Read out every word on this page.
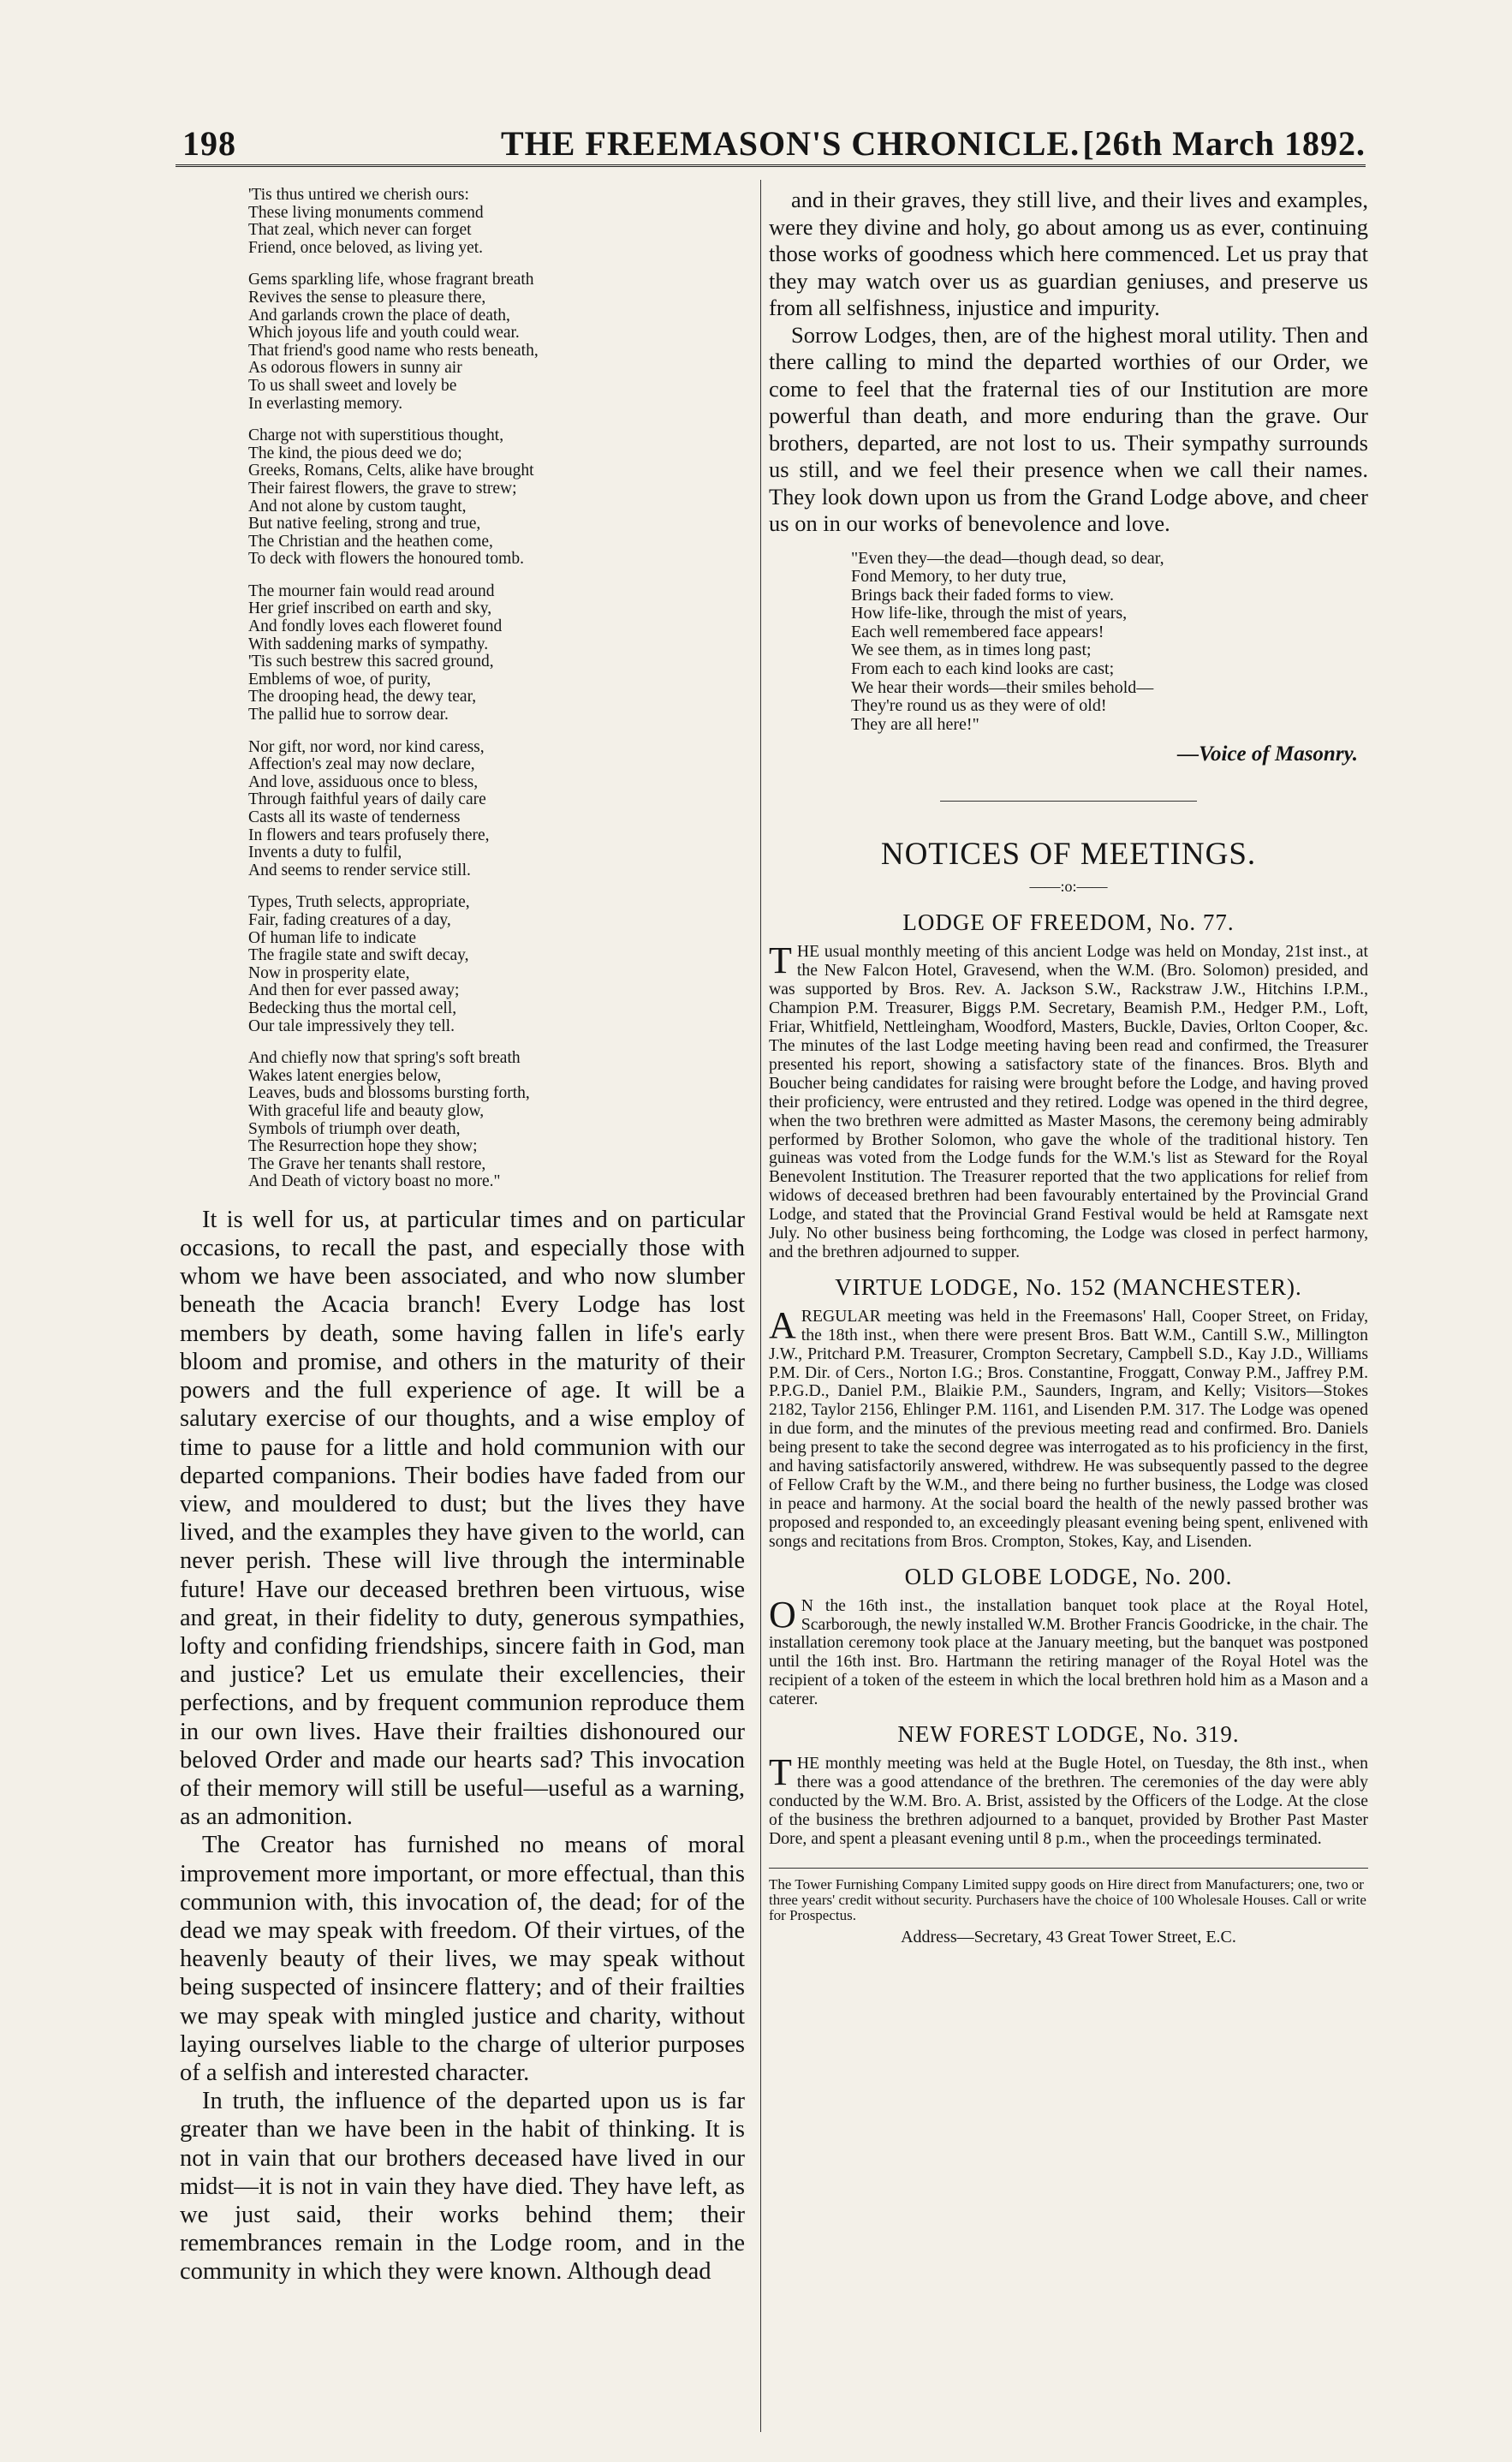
198	THE FREEMASON'S CHRONICLE. [26th March 1892.
'Tis thus untired we cherish ours:
These living monuments commend
That zeal, which never can forget
Friend, once beloved, as living yet.
Gems sparkling life, whose fragrant breath
Revives the sense to pleasure there,
And garlands crown the place of death,
Which joyous life and youth could wear.
That friend's good name who rests beneath,
As odorous flowers in sunny air
To us shall sweet and lovely be
In everlasting memory.
Charge not with superstitious thought,
The kind, the pious deed we do;
Greeks, Romans, Celts, alike have brought
Their fairest flowers, the grave to strew;
And not alone by custom taught,
But native feeling, strong and true,
The Christian and the heathen come,
To deck with flowers the honoured tomb.
The mourner fain would read around
Her grief inscribed on earth and sky,
And fondly loves each floweret found
With saddening marks of sympathy.
'Tis such bestrew this sacred ground,
Emblems of woe, of purity,
The drooping head, the dewy tear,
The pallid hue to sorrow dear.
Nor gift, nor word, nor kind caress,
Affection's zeal may now declare,
And love, assiduous once to bless,
Through faithful years of daily care
Casts all its waste of tenderness
In flowers and tears profusely there,
Invents a duty to fulfil,
And seems to render service still.
Types, Truth selects, appropriate,
Fair, fading creatures of a day,
Of human life to indicate
The fragile state and swift decay,
Now in prosperity elate,
And then for ever passed away;
Bedecking thus the mortal cell,
Our tale impressively they tell.
And chiefly now that spring's soft breath
Wakes latent energies below,
Leaves, buds and blossoms bursting forth,
With graceful life and beauty glow,
Symbols of triumph over death,
The Resurrection hope they show;
The Grave her tenants shall restore,
And Death of victory boast no more."

It is well for us, at particular times and on particular occasions, to recall the past, and especially those with whom we have been associated, and who now slumber beneath the Acacia branch! Every Lodge has lost members by death, some having fallen in life's early bloom and promise, and others in the maturity of their powers and the full experience of age. It will be a salutary exercise of our thoughts, and a wise employ of time to pause for a little and hold communion with our departed companions. Their bodies have faded from our view, and mouldered to dust; but the lives they have lived, and the examples they have given to the world, can never perish. These will live through the interminable future! Have our deceased brethren been virtuous, wise and great, in their fidelity to duty, generous sympathies, lofty and confiding friendships, sincere faith in God, man and justice? Let us emulate their excellencies, their perfections, and by frequent communion reproduce them in our own lives. Have their frailties dishonoured our beloved Order and made our hearts sad? This invocation of their memory will still be useful—useful as a warning, as an admonition.

The Creator has furnished no means of moral improvement more important, or more effectual, than this communion with, this invocation of, the dead; for of the dead we may speak with freedom. Of their virtues, of the heavenly beauty of their lives, we may speak without being suspected of insincere flattery; and of their frailties we may speak with mingled justice and charity, without laying ourselves liable to the charge of ulterior purposes of a selfish and interested character.

In truth, the influence of the departed upon us is far greater than we have been in the habit of thinking. It is not in vain that our brothers deceased have lived in our midst—it is not in vain they have died. They have left, as we just said, their works behind them; their remembrances remain in the Lodge room, and in the community in which they were known. Although dead

and in their graves, they still live, and their lives and examples, were they divine and holy, go about among us as ever, continuing those works of goodness which here commenced. Let us pray that they may watch over us as guardian geniuses, and preserve us from all selfishness, injustice and impurity.

Sorrow Lodges, then, are of the highest moral utility. Then and there calling to mind the departed worthies of our Order, we come to feel that the fraternal ties of our Institution are more powerful than death, and more enduring than the grave. Our brothers, departed, are not lost to us. Their sympathy surrounds us still, and we feel their presence when we call their names. They look down upon us from the Grand Lodge above, and cheer us on in our works of benevolence and love.

"Even they—the dead—though dead, so dear,
Fond Memory, to her duty true,
Brings back their faded forms to view.
How life-like, through the mist of years,
Each well remembered face appears!
We see them, as in times long past;
From each to each kind looks are cast;
We hear their words—their smiles behold—
They're round us as they were of old!
They are all here!"
—Voice of Masonry.
NOTICES OF MEETINGS.
——:o:——
LODGE OF FREEDOM, No. 77.
THE usual monthly meeting of this ancient Lodge was held on Monday, 21st inst., at the New Falcon Hotel, Gravesend, when the W.M. (Bro. Solomon) presided, and was supported by Bros. Rev. A. Jackson S.W., Rackstraw J.W., Hitchins I.P.M., Champion P.M. Treasurer, Biggs P.M. Secretary, Beamish P.M., Hedger P.M., Loft, Friar, Whitfield, Nettleingham, Woodford, Masters, Buckle, Davies, Orlton Cooper, &c. The minutes of the last Lodge meeting having been read and confirmed, the Treasurer presented his report, showing a satisfactory state of the finances. Bros. Blyth and Boucher being candidates for raising were brought before the Lodge, and having proved their proficiency, were entrusted and they retired. Lodge was opened in the third degree, when the two brethren were admitted as Master Masons, the ceremony being admirably performed by Brother Solomon, who gave the whole of the traditional history. Ten guineas was voted from the Lodge funds for the W.M.'s list as Steward for the Royal Benevolent Institution. The Treasurer reported that the two applications for relief from widows of deceased brethren had been favourably entertained by the Provincial Grand Lodge, and stated that the Provincial Grand Festival would be held at Ramsgate next July. No other business being forthcoming, the Lodge was closed in perfect harmony, and the brethren adjourned to supper.
VIRTUE LODGE, No. 152 (MANCHESTER).
AREGULAR meeting was held in the Freemasons' Hall, Cooper Street, on Friday, the 18th inst., when there were present Bros. Batt W.M., Cantill S.W., Millington J.W., Pritchard P.M. Treasurer, Crompton Secretary, Campbell S.D., Kay J.D., Williams P.M. Dir. of Cers., Norton I.G.; Bros. Constantine, Froggatt, Conway P.M., Jaffrey P.M. P.P.G.D., Daniel P.M., Blaikie P.M., Saunders, Ingram, and Kelly; Visitors—Stokes 2182, Taylor 2156, Ehlinger P.M. 1161, and Lisenden P.M. 317. The Lodge was opened in due form, and the minutes of the previous meeting read and confirmed. Bro. Daniels being present to take the second degree was interrogated as to his proficiency in the first, and having satisfactorily answered, withdrew. He was subsequently passed to the degree of Fellow Craft by the W.M., and there being no further business, the Lodge was closed in peace and harmony. At the social board the health of the newly passed brother was proposed and responded to, an exceedingly pleasant evening being spent, enlivened with songs and recitations from Bros. Crompton, Stokes, Kay, and Lisenden.
OLD GLOBE LODGE, No. 200.
O N the 16th inst., the installation banquet took place at the Royal Hotel, Scarborough, the newly installed W.M. Brother Francis Goodricke, in the chair. The installation ceremony took place at the January meeting, but the banquet was postponed until the 16th inst. Bro. Hartmann the retiring manager of the Royal Hotel was the recipient of a token of the esteem in which the local brethren hold him as a Mason and a caterer.
NEW FOREST LODGE, No. 319.
THE monthly meeting was held at the Bugle Hotel, on Tuesday, the 8th inst., when there was a good attendance of the brethren. The ceremonies of the day were ably conducted by the W.M. Bro. A. Brist, assisted by the Officers of the Lodge. At the close of the business the brethren adjourned to a banquet, provided by Brother Past Master Dore, and spent a pleasant evening until 8 p.m., when the proceedings terminated.
The Tower Furnishing Company Limited suppy goods on Hire direct from Manufacturers; one, two or three years' credit without security. Purchasers have the choice of 100 Wholesale Houses. Call or write for Prospectus.
Address—Secretary, 43 Great Tower Street, E.C.
